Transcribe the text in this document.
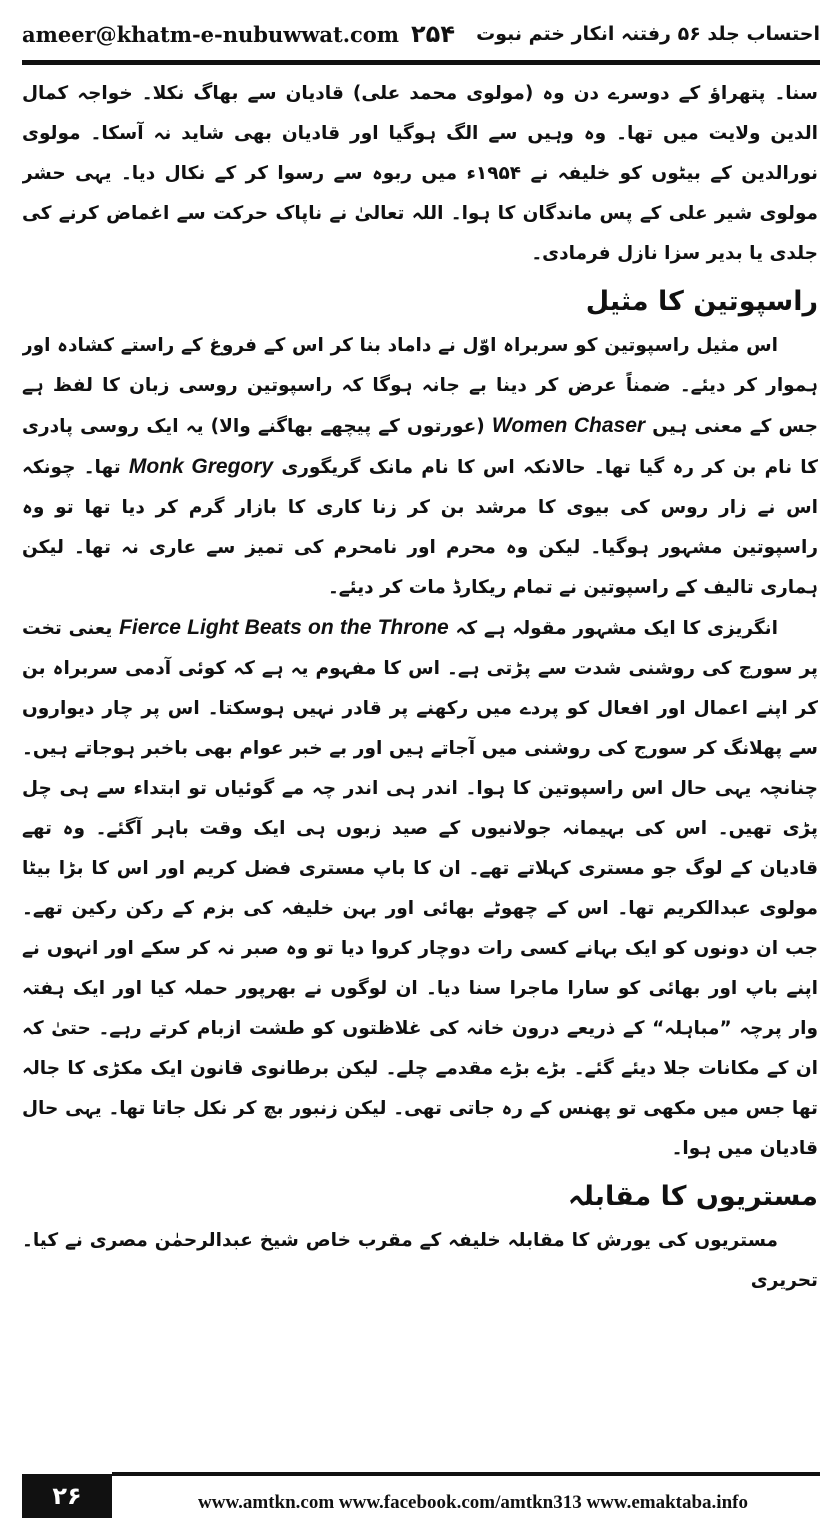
ameer@khatm-e-nubuwwat.com ۲۵۴ احتساب جلد ۵۶ رفتنہ انکار ختم نبوت

سنا۔ پتھراؤ کے دوسرے دن وہ (مولوی محمد علی) قادیان سے بھاگ نکلا۔ خواجہ کمال الدین ولایت میں تھا۔ وہ وہیں سے الگ ہوگیا اور قادیان بھی شاید نہ آسکا۔ مولوی نورالدین کے بیٹوں کو خلیفہ نے ۱۹۵۴ء میں ربوہ سے رسوا کر کے نکال دیا۔ یہی حشر مولوی شیر علی کے پس ماندگان کا ہوا۔ اللہ تعالیٰ نے ناپاک حرکت سے اغماض کرنے کی جلدی یا بدیر سزا نازل فرمادی۔

راسپوتین کا مثیل

اس مثیل راسپوتین کو سربراہ اوّل نے داماد بنا کر اس کے فروغ کے راستے کشادہ اور ہموار کر دیئے۔ ضمناً عرض کر دینا بے جانہ ہوگا کہ راسپوتین روسی زبان کا لفظ ہے جس کے معنی ہیں Women Chaser (عورتوں کے پیچھے بھاگنے والا) یہ ایک روسی پادری کا نام بن کر رہ گیا تھا۔ حالانکہ اس کا نام مانک گریگوری Monk Gregory تھا۔ چونکہ اس نے زار روس کی بیوی کا مرشد بن کر زنا کاری کا بازار گرم کر دیا تھا تو وہ راسپوتین مشہور ہوگیا۔ لیکن وہ محرم اور نامحرم کی تمیز سے عاری نہ تھا۔ لیکن ہماری تالیف کے راسپوتین نے تمام ریکارڈ مات کر دیئے۔

انگریزی کا ایک مشہور مقولہ ہے کہ Fierce Light Beats on the Throne یعنی تخت پر سورج کی روشنی شدت سے پڑتی ہے۔ اس کا مفہوم یہ ہے کہ کوئی آدمی سربراہ بن کر اپنے اعمال اور افعال کو پردے میں رکھنے پر قادر نہیں ہوسکتا۔ اس پر چار دیواروں سے پھلانگ کر سورج کی روشنی میں آجاتے ہیں اور بے خبر عوام بھی باخبر ہوجاتے ہیں۔ چنانچہ یہی حال اس راسپوتین کا ہوا۔ اندر ہی اندر چہ مے گوئیاں تو ابتداء سے ہی چل پڑی تھیں۔ اس کی بہیمانہ جولانیوں کے صید زبوں ہی ایک وقت باہر آگئے۔ وہ تھے قادیان کے لوگ جو مستری کہلاتے تھے۔ ان کا باپ مستری فضل کریم اور اس کا بڑا بیٹا مولوی عبدالکریم تھا۔ اس کے چھوٹے بھائی اور بہن خلیفہ کی بزم کے رکن رکین تھے۔ جب ان دونوں کو ایک بہانے کسی رات دوچار کروا دیا تو وہ صبر نہ کر سکے اور انہوں نے اپنے باپ اور بھائی کو سارا ماجرا سنا دیا۔ ان لوگوں نے بھرپور حملہ کیا اور ایک ہفتہ وار پرچہ ”مباہلہ“ کے ذریعے درون خانہ کی غلاظتوں کو طشت ازبام کرتے رہے۔ حتیٰ کہ ان کے مکانات جلا دیئے گئے۔ بڑے بڑے مقدمے چلے۔ لیکن برطانوی قانون ایک مکڑی کا جالہ تھا جس میں مکھی تو پھنس کے رہ جاتی تھی۔ لیکن زنبور بچ کر نکل جاتا تھا۔ یہی حال قادیان میں ہوا۔

مستریوں کا مقابلہ

مستریوں کی یورش کا مقابلہ خلیفہ کے مقرب خاص شیخ عبدالرحمٰن مصری نے کیا۔ تحریری

۲۶	www.amtkn.com www.facebook.com/amtkn313 www.emaktaba.info
